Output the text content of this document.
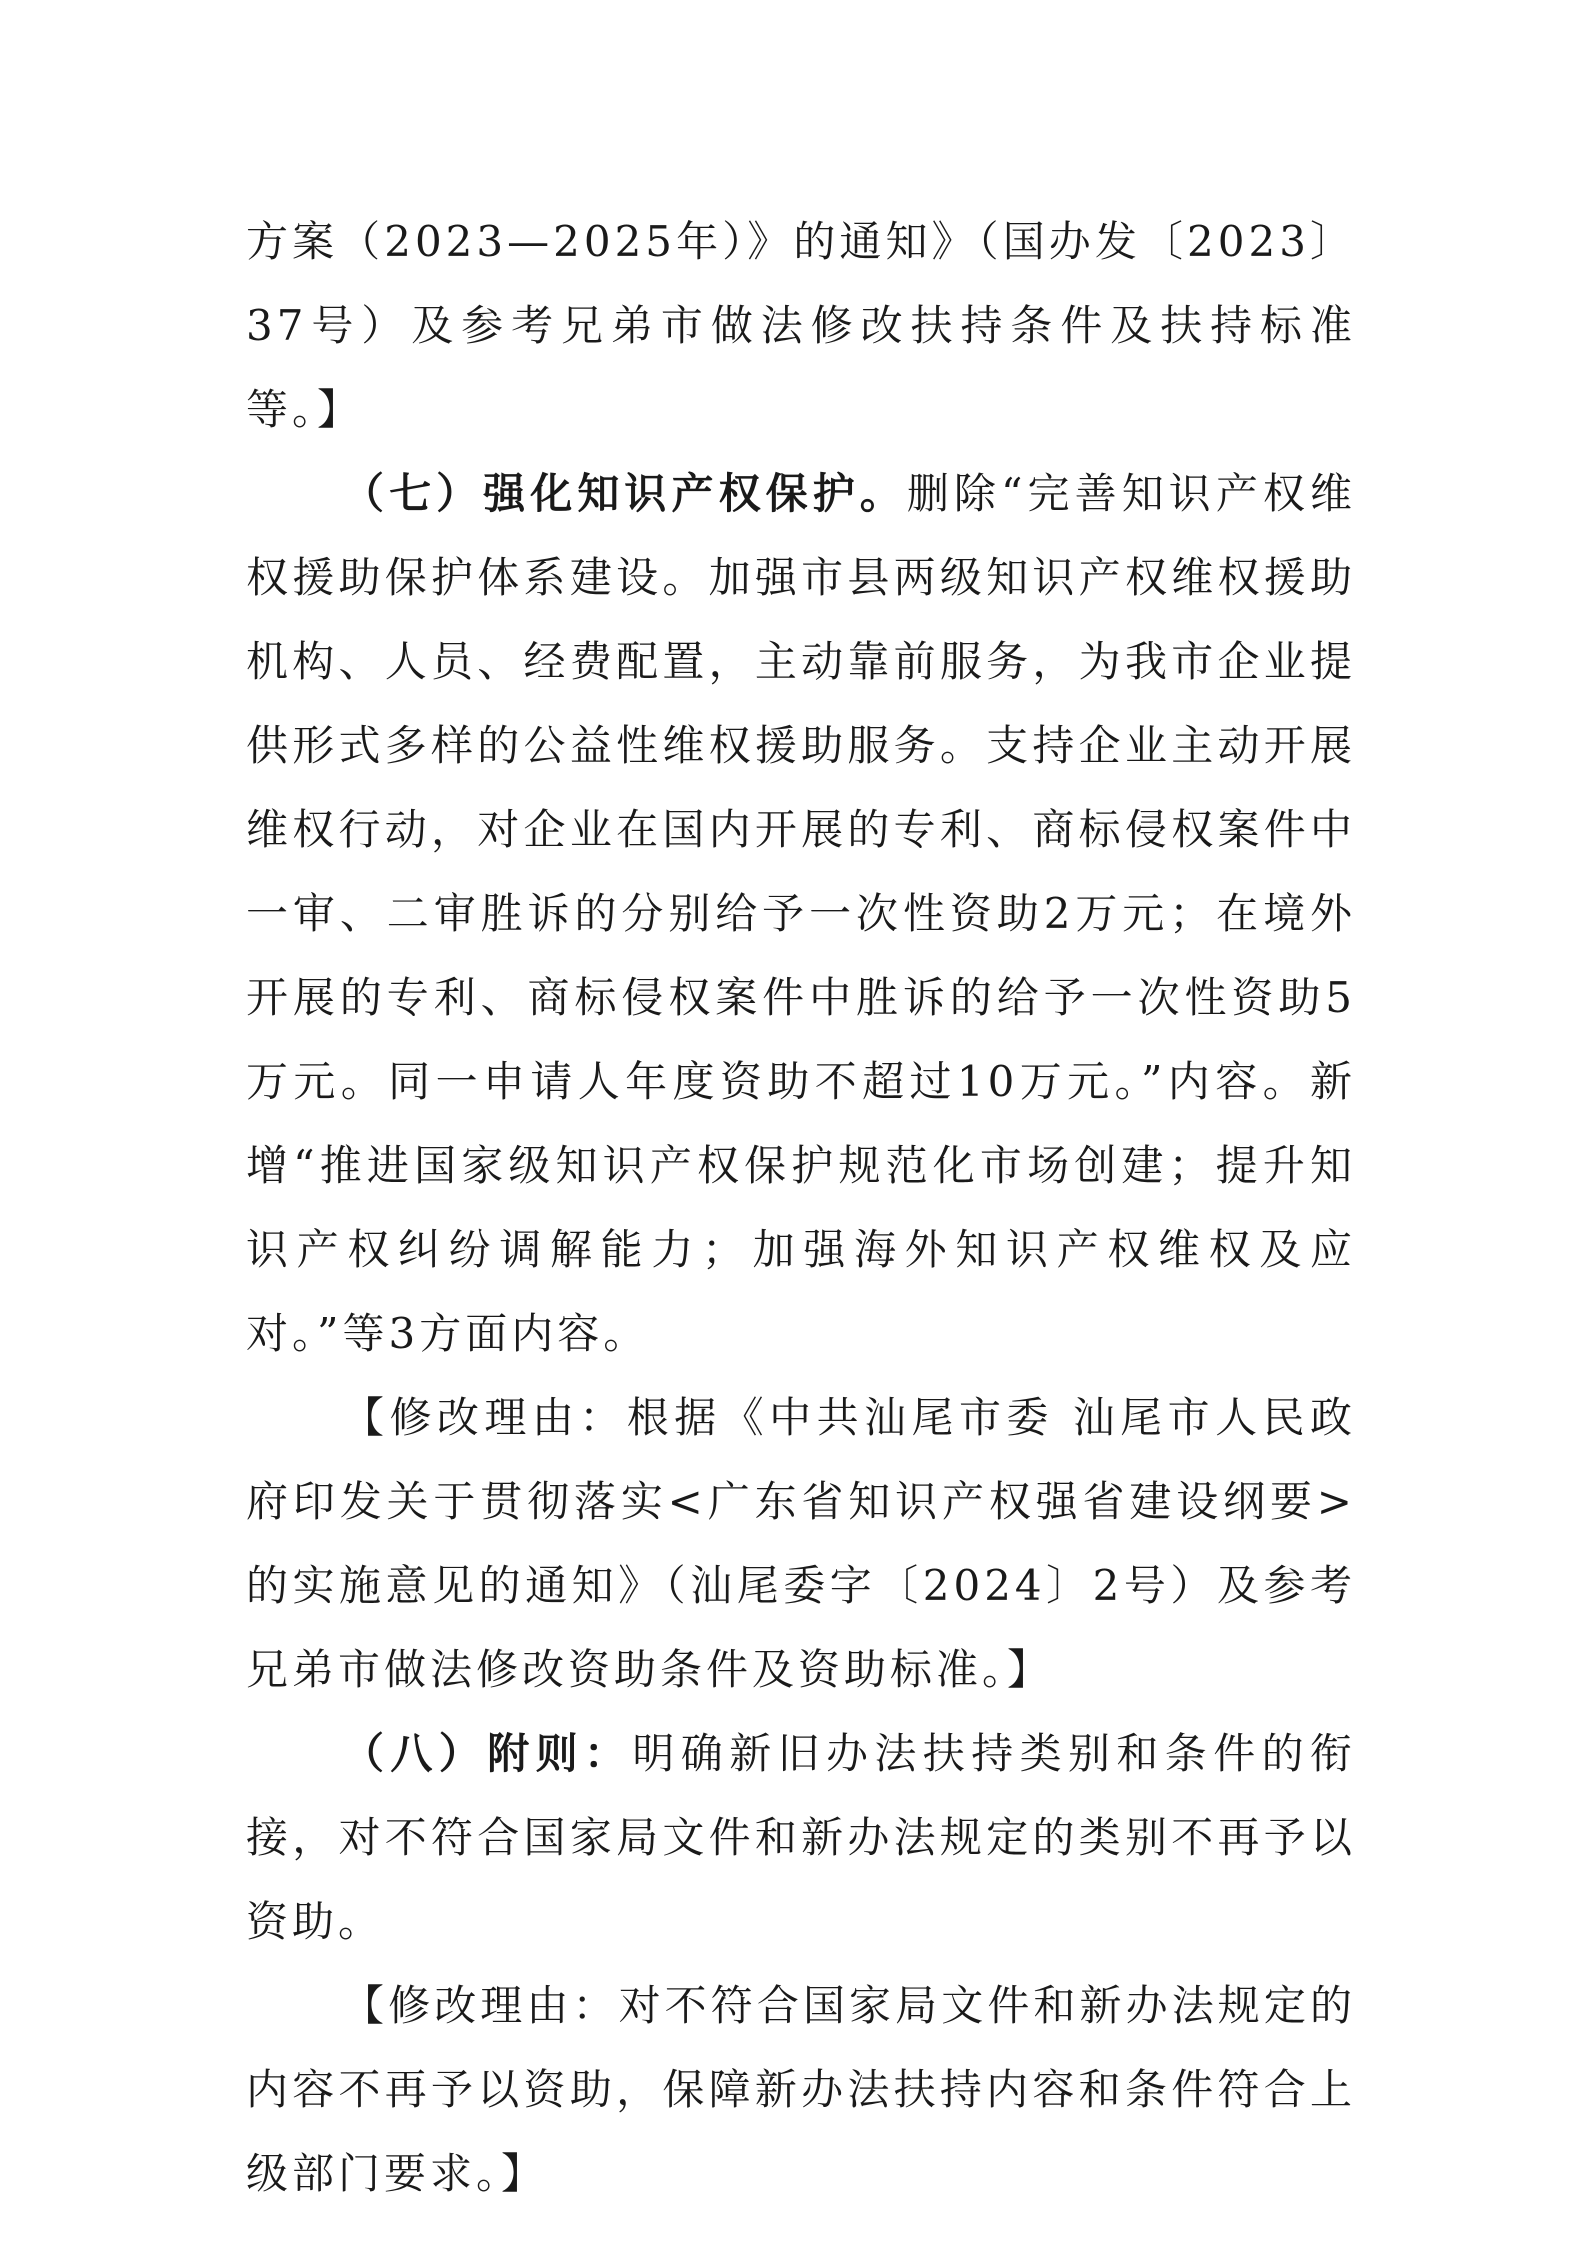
方案（2023—2025年）》的通知》（国办发〔2023〕37号）及参考兄弟市做法修改扶持条件及扶持标准等。】

（七）强化知识产权保护。删除“完善知识产权维权援助保护体系建设。加强市县两级知识产权维权援助机构、人员、经费配置，主动靠前服务，为我市企业提供形式多样的公益性维权援助服务。支持企业主动开展维权行动，对企业在国内开展的专利、商标侵权案件中一审、二审胜诉的分别给予一次性资助2万元；在境外开展的专利、商标侵权案件中胜诉的给予一次性资助5万元。同一申请人年度资助不超过10万元。”内容。新增“推进国家级知识产权保护规范化市场创建；提升知识产权纠纷调解能力；加强海外知识产权维权及应对。”等3方面内容。

【修改理由：根据《中共汕尾市委 汕尾市人民政府印发关于贯彻落实<广东省知识产权强省建设纲要>的实施意见的通知》（汕尾委字〔2024〕2号）及参考兄弟市做法修改资助条件及资助标准。】

（八）附则：明确新旧办法扶持类别和条件的衔接，对不符合国家局文件和新办法规定的类别不再予以资助。

【修改理由：对不符合国家局文件和新办法规定的内容不再予以资助，保障新办法扶持内容和条件符合上级部门要求。】
